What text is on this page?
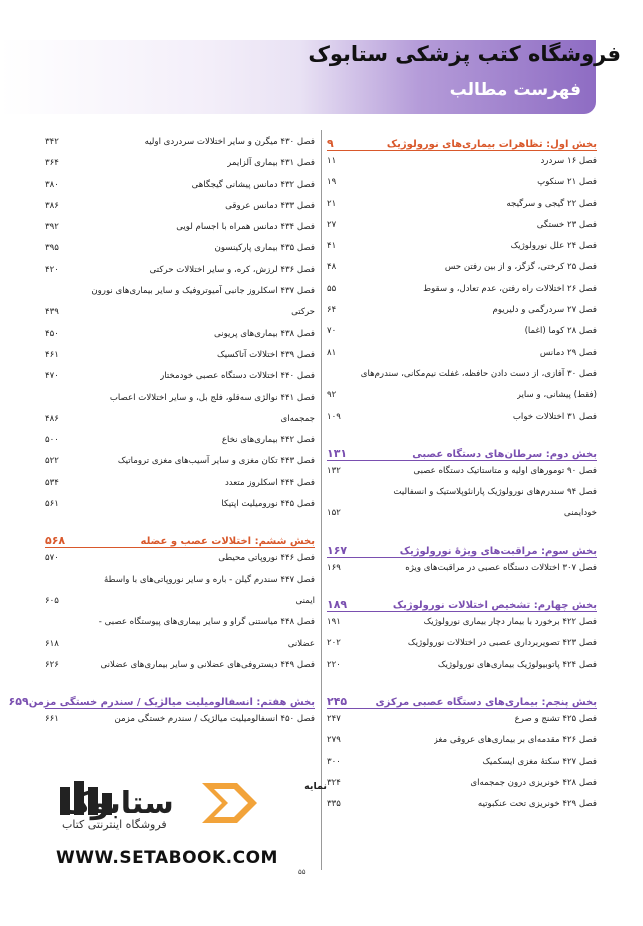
فروشگاه کتب پزشکی ستابوک
فهرست مطالب
بخش اول: تظاهرات بیماری‌های نورولوژیک
۹
فصل ۱۶ سردرد
۱۱
فصل ۲۱ سنکوپ
۱۹
فصل ۲۲ گیجی و سرگیجه
۲۱
فصل ۲۳ خستگی
۲۷
فصل ۲۴ علل نورولوژیک
۴۱
فصل ۲۵ کرختی، گزگز، و از بین رفتن حس
۴۸
فصل ۲۶ اختلالات راه رفتن، عدم تعادل، و سقوط
۵۵
فصل ۲۷ سردرگمی و دلیریوم
۶۴
فصل ۲۸ کوما (اغما)
۷۰
فصل ۲۹ دمانس
۸۱
فصل ۳۰ آفازی، از دست دادن حافظه، غفلت نیم‌مکانی، سندرم‌های
(فقط) پیشانی، و سایر
۹۲
فصل ۳۱ اختلالات خواب
۱۰۹
بخش دوم: سرطان‌های دستگاه عصبی
۱۳۱
فصل ۹۰ تومورهای اولیه و متاستاتیک دستگاه عصبی
۱۳۲
فصل ۹۴ سندرم‌های نورولوژیک پارانئوپلاستیک و انسفالیت
خودایمنی
۱۵۲
بخش سوم: مراقبت‌های ویژهٔ نورولوژیک
۱۶۷
فصل ۳۰۷ اختلالات دستگاه عصبی در مراقبت‌های ویژه
۱۶۹
بخش چهارم: تشخیص اختلالات نورولوژیک
۱۸۹
فصل ۴۲۲ برخورد با بیمار دچار بیماری نورولوژیک
۱۹۱
فصل ۴۲۳ تصویربرداری عصبی در اختلالات نورولوژیک
۲۰۲
فصل ۴۲۴ پاتوبیولوژیک بیماری‌های نورولوژیک
۲۲۰
بخش پنجم: بیماری‌های دستگاه عصبی مرکزی
۲۴۵
فصل ۴۲۵ تشنج و صرع
۲۴۷
فصل ۴۲۶ مقدمه‌ای بر بیماری‌های عروقی مغز
۲۷۹
فصل ۴۲۷ سکتهٔ مغزی ایسکمیک
۳۰۰
فصل ۴۲۸ خونریزی درون جمجمه‌ای
۳۲۴
فصل ۴۲۹ خونریزی تحت عنکبوتیه
۳۳۵
فصل ۴۳۰ میگرن و سایر اختلالات سردردی اولیه
۳۴۲
فصل ۴۳۱ بیماری آلزایمر
۳۶۴
فصل ۴۳۲ دمانس پیشانی گیجگاهی
۳۸۰
فصل ۴۳۳ دمانس عروقی
۳۸۶
فصل ۴۳۴ دمانس همراه با اجسام لویی
۳۹۲
فصل ۴۳۵ بیماری پارکینسون
۳۹۵
فصل ۴۳۶ لرزش، کره، و سایر اختلالات حرکتی
۴۲۰
فصل ۴۳۷ اسکلروز جانبی آمیوتروفیک و سایر بیماری‌های نورون
حرکتی
۴۳۹
فصل ۴۳۸ بیماری‌های پریونی
۴۵۰
فصل ۴۳۹ اختلالات آتاکسیک
۴۶۱
فصل ۴۴۰ اختلالات دستگاه عصبی خودمختار
۴۷۰
فصل ۴۴۱ نوالژی سه‌قلو، فلج بل، و سایر اختلالات اعصاب
جمجمه‌ای
۴۸۶
فصل ۴۴۲ بیماری‌های نخاع
۵۰۰
فصل ۴۴۳ تکان مغزی و سایر آسیب‌های مغزی تروماتیک
۵۲۲
فصل ۴۴۴ اسکلروز متعدد
۵۳۴
فصل ۴۴۵ نورومیلیت اپتیکا
۵۶۱
بخش ششم: اختلالات عصب و عضله
۵۶۸
فصل ۴۴۶ نوروپاتی محیطی
۵۷۰
فصل ۴۴۷ سندرم گیلن - باره و سایر نوروپاتی‌های با واسطهٔ
ایمنی
۶۰۵
فصل ۴۴۸ میاستنی گراو و سایر بیماری‌های پیوستگاه عصبی -
عضلانی
۶۱۸
فصل ۴۴۹ دیستروفی‌های عضلانی و سایر بیماری‌های عضلانی
۶۲۶
بخش هفتم: انسفالومیلیت میالژیک / سندرم خستگی مزمن
۶۵۹
فصل ۴۵۰ انسفالومیلیت میالژیک / سندرم خستگی مزمن
۶۶۱
نمایه
ستابوک
فروشگاه اینترنتی کتاب
WWW.SETABOOK.COM
۵۵
